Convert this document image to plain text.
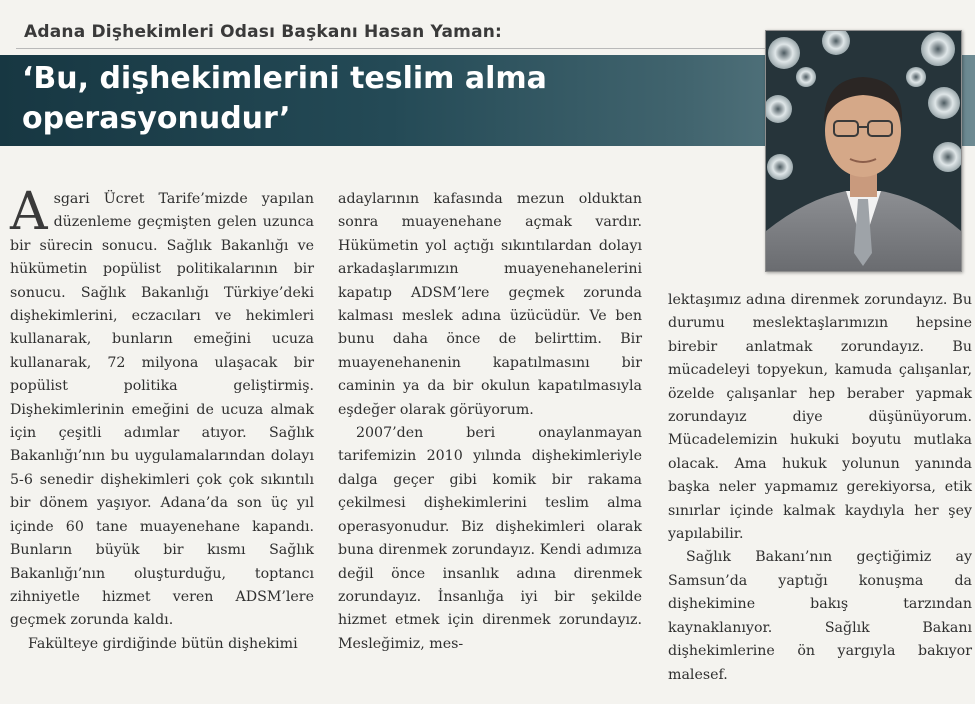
Adana Dişhekimleri Odası Başkanı Hasan Yaman:
‘Bu, dişhekimlerini teslim alma
operasyonudur’

Asgari Ücret Tarife’mizde yapılan düzenleme geçmişten gelen uzunca bir sürecin sonucu. Sağlık Bakanlığı ve hükümetin popülist politikalarının bir sonucu. Sağlık Bakanlığı Türkiye’deki dişhekimlerini, eczacıları ve hekimleri kullanarak, bunların emeğini ucuza kullanarak, 72 milyona ulaşacak bir popülist politika geliştirmiş. Dişhekimlerinin emeğini de ucuza almak için çeşitli adımlar atıyor. Sağlık Bakanlığı’nın bu uygulamalarından dolayı 5-6 senedir dişhekimleri çok çok sıkıntılı bir dönem yaşıyor. Adana’da son üç yıl içinde 60 tane muayenehane kapandı. Bunların büyük bir kısmı Sağlık Bakanlığı’nın oluşturduğu, toptancı zihniyetle hizmet veren ADSM’lere geçmek zorunda kaldı.

Fakülteye girdiğinde bütün dişhekimi

adaylarının kafasında mezun olduktan sonra muayenehane açmak vardır. Hükümetin yol açtığı sıkıntılardan dolayı arkadaşlarımızın muayenehanelerini kapatıp ADSM’lere geçmek zorunda kalması meslek adına üzücüdür. Ve ben bunu daha önce de belirttim. Bir muayenehanenin kapatılmasını bir caminin ya da bir okulun kapatılmasıyla eşdeğer olarak görüyorum.

2007’den beri onaylanmayan tarifemizin 2010 yılında dişhekimleriyle dalga geçer gibi komik bir rakama çekilmesi dişhekimlerini teslim alma operasyonudur. Biz dişhekimleri olarak buna direnmek zorundayız. Kendi adımıza değil önce insanlık adına direnmek zorundayız. İnsanlığa iyi bir şekilde hizmet etmek için direnmek zorundayız. Mesleğimiz, mes-

lektaşımız adına direnmek zorundayız. Bu durumu meslektaşlarımızın hepsine birebir anlatmak zorundayız. Bu mücadeleyi topyekun, kamuda çalışanlar, özelde çalışanlar hep beraber yapmak zorundayız diye düşünüyorum. Mücadelemizin hukuki boyutu mutlaka olacak. Ama hukuk yolunun yanında başka neler yapmamız gerekiyorsa, etik sınırlar içinde kalmak kaydıyla her şey yapılabilir.

Sağlık Bakanı’nın geçtiğimiz ay Samsun’da yaptığı konuşma da dişhekimine bakış tarzından kaynaklanıyor. Sağlık Bakanı dişhekimlerine ön yargıyla bakıyor malesef.
